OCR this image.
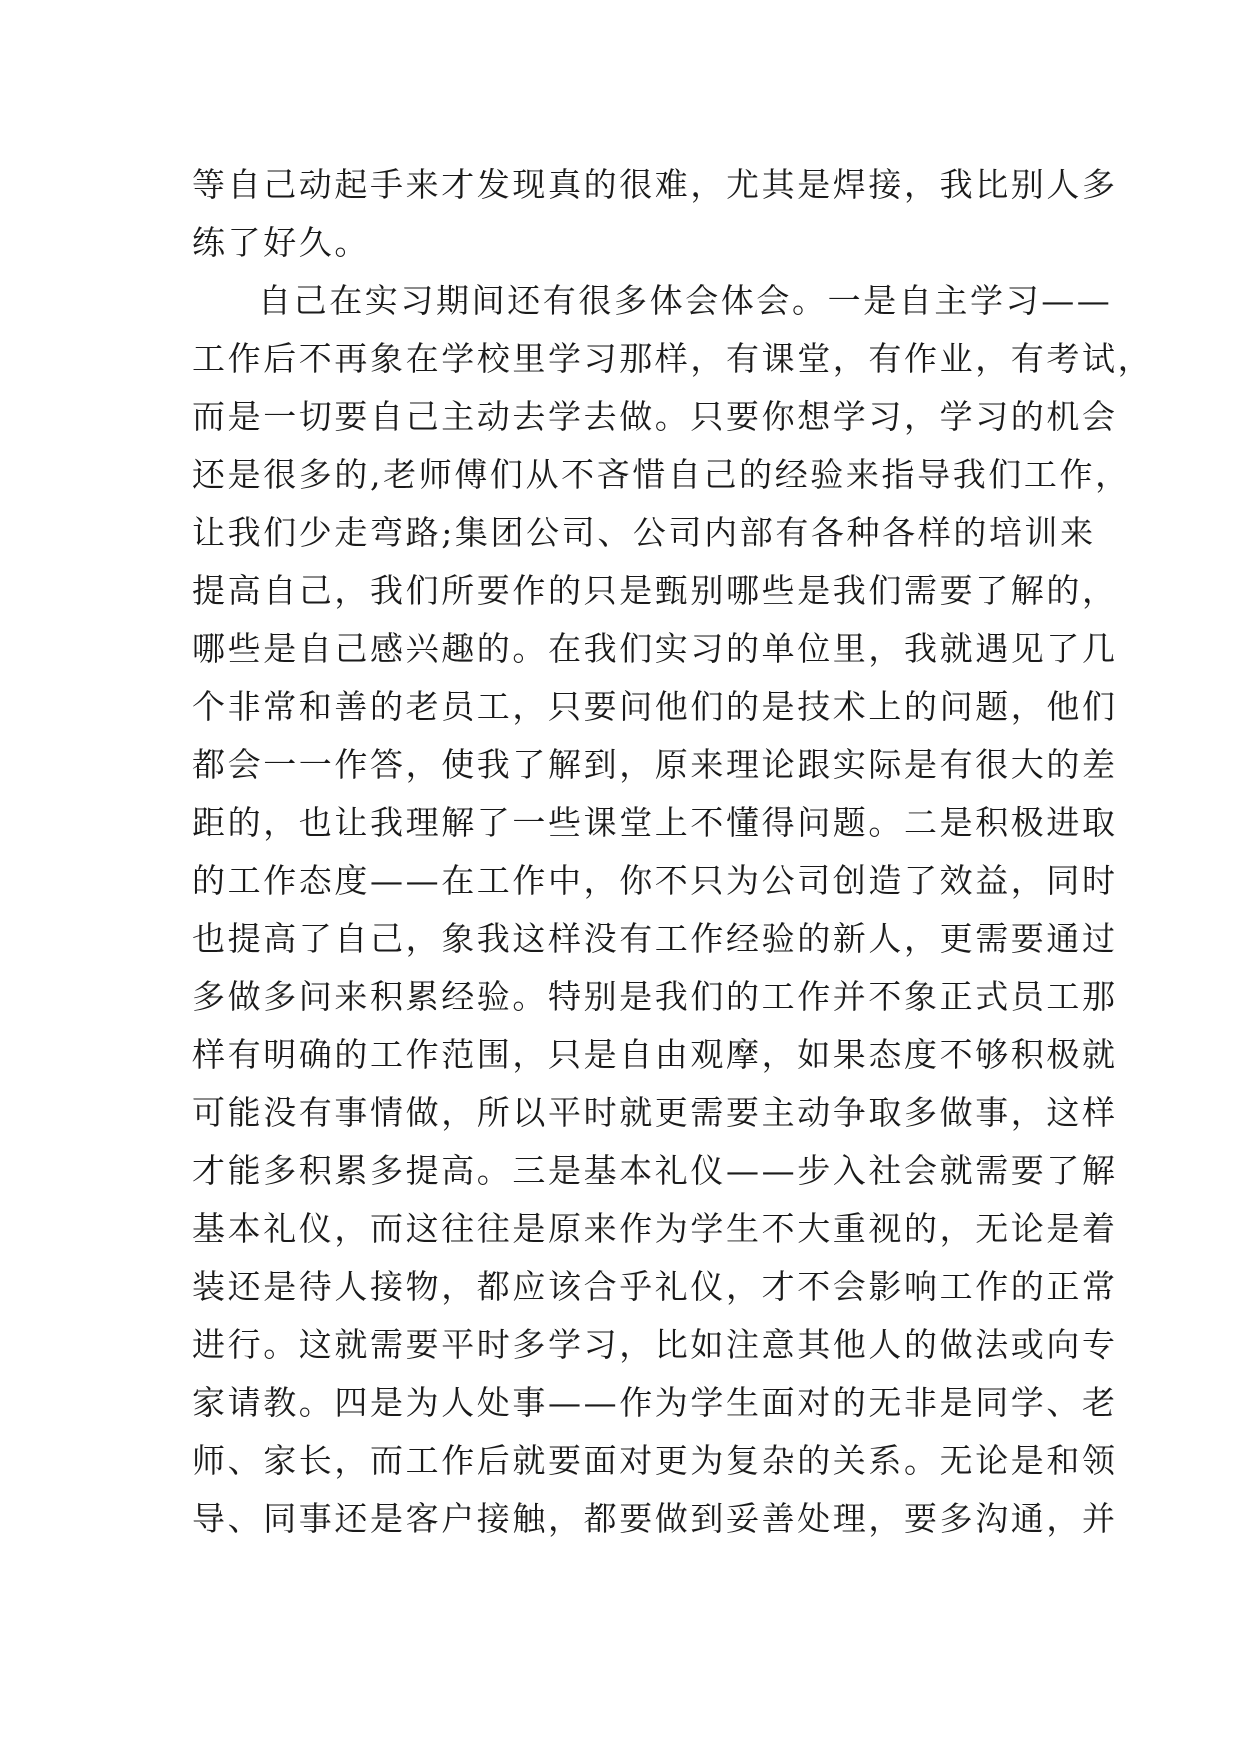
等自己动起手来才发现真的很难，尤其是焊接，我比别人多
练了好久。
自己在实习期间还有很多体会体会。一是自主学习——
工作后不再象在学校里学习那样，有课堂，有作业，有考试，
而是一切要自己主动去学去做。只要你想学习，学习的机会
还是很多的,老师傅们从不吝惜自己的经验来指导我们工作，
让我们少走弯路;集团公司、公司内部有各种各样的培训来
提高自己，我们所要作的只是甄别哪些是我们需要了解的，
哪些是自己感兴趣的。在我们实习的单位里，我就遇见了几
个非常和善的老员工，只要问他们的是技术上的问题，他们
都会一一作答，使我了解到，原来理论跟实际是有很大的差
距的，也让我理解了一些课堂上不懂得问题。二是积极进取
的工作态度——在工作中，你不只为公司创造了效益，同时
也提高了自己，象我这样没有工作经验的新人，更需要通过
多做多问来积累经验。特别是我们的工作并不象正式员工那
样有明确的工作范围，只是自由观摩，如果态度不够积极就
可能没有事情做，所以平时就更需要主动争取多做事，这样
才能多积累多提高。三是基本礼仪——步入社会就需要了解
基本礼仪，而这往往是原来作为学生不大重视的，无论是着
装还是待人接物，都应该合乎礼仪，才不会影响工作的正常
进行。这就需要平时多学习，比如注意其他人的做法或向专
家请教。四是为人处事——作为学生面对的无非是同学、老
师、家长，而工作后就要面对更为复杂的关系。无论是和领
导、同事还是客户接触，都要做到妥善处理，要多沟通，并
